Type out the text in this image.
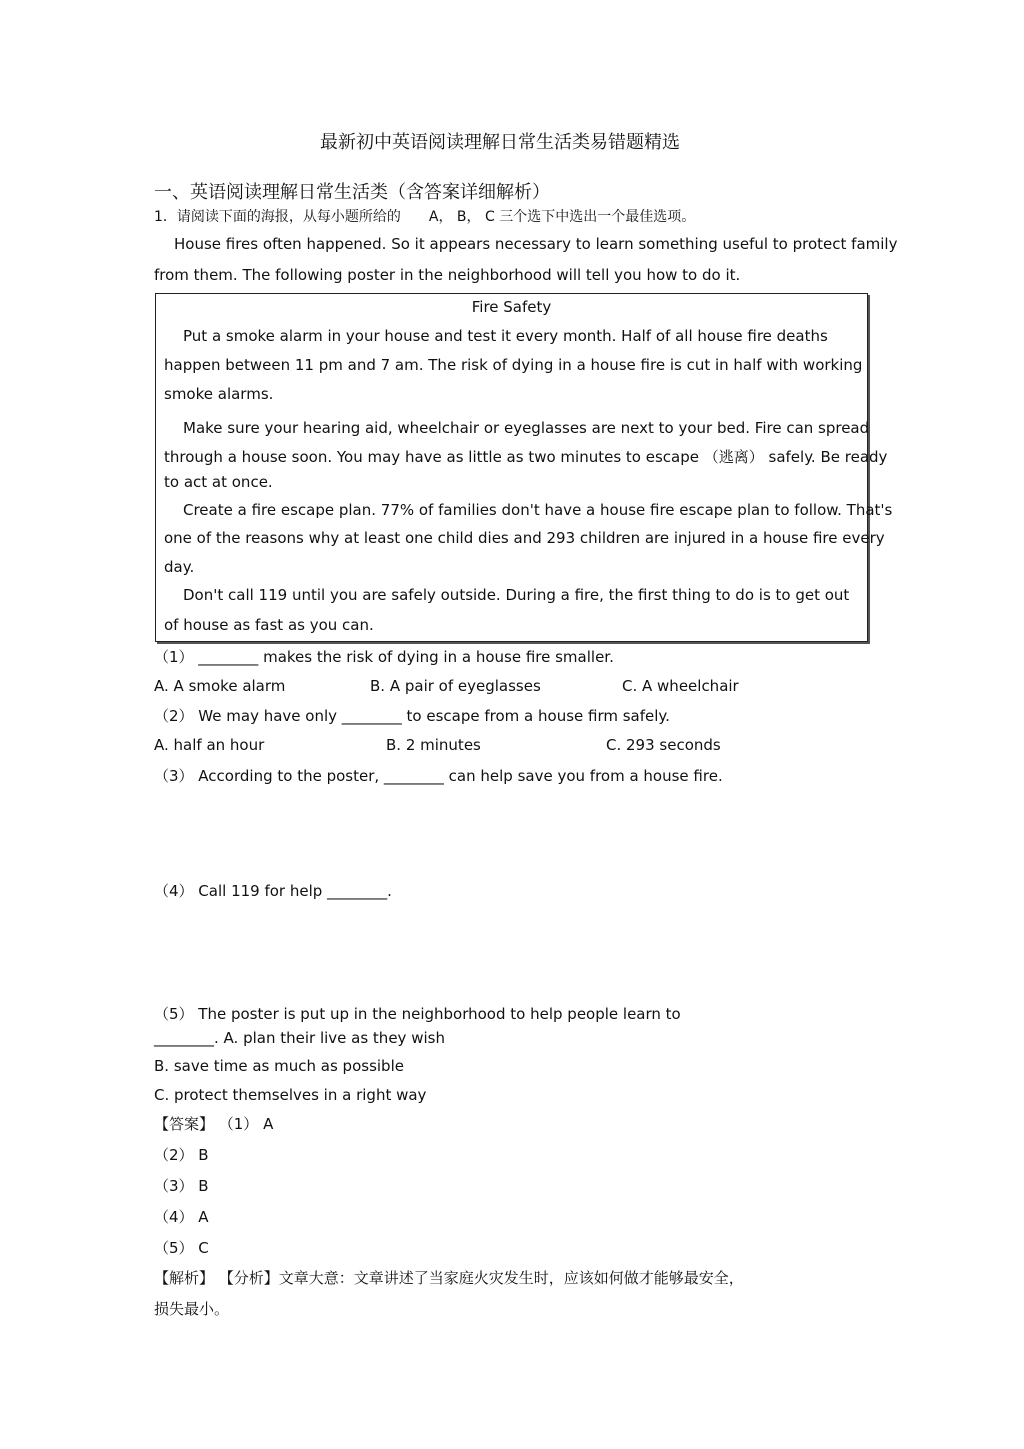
最新初中英语阅读理解日常生活类易错题精选
一、英语阅读理解日常生活类（含答案详细解析）
1．请阅读下面的海报，从每小题所给的　　A， B， C 三个选下中选出一个最佳选项。
House fires often happened. So it appears necessary to learn something useful to protect family
from them. The following poster in the neighborhood will tell you how to do it.
Fire Safety
Put a smoke alarm in your house and test it every month. Half of all house fire deaths
happen between 11 pm and 7 am. The risk of dying in a house fire is cut in half with working
smoke alarms.
Make sure your hearing aid, wheelchair or eyeglasses are next to your bed. Fire can spread
through a house soon. You may have as little as two minutes to escape （逃离） safely. Be ready
to act at once.
Create a fire escape plan. 77% of families don't have a house fire escape plan to follow. That's
one of the reasons why at least one child dies and 293 children are injured in a house fire every
day.
Don't call 119 until you are safely outside. During a fire, the first thing to do is to get out
of house as fast as you can.
（1） ________ makes the risk of dying in a house fire smaller.
A. A smoke alarm	B. A pair of eyeglasses	C. A wheelchair
（2） We may have only ________ to escape from a house firm safely.
A. half an hour	B. 2 minutes	C. 293 seconds
（3） According to the poster, ________ can help save you from a house fire.
（4） Call 119 for help ________.
（5） The poster is put up in the neighborhood to help people learn to
________. A. plan their live as they wish
B. save time as much as possible
C. protect themselves in a right way
【答案】 （1） A
（2） B
（3） B
（4） A
（5） C
【解析】 【分析】文章大意：文章讲述了当家庭火灾发生时，应该如何做才能够最安全，
损失最小。
